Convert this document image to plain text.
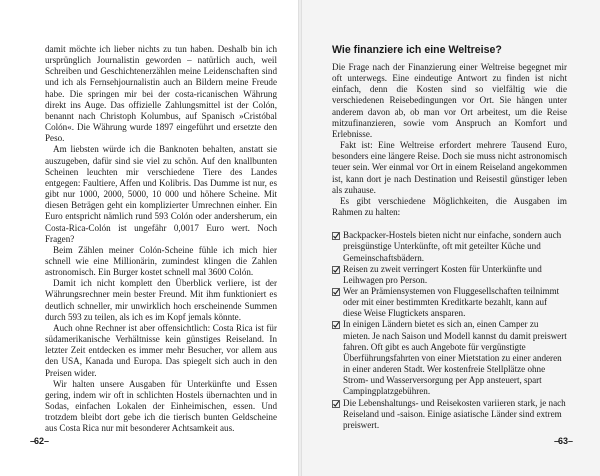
damit möchte ich lieber nichts zu tun haben. Deshalb bin ich ursprünglich Journalistin geworden – natürlich auch, weil Schreiben und Geschichtenerzählen meine Leidenschaften sind und ich als Fernsehjournalistin auch an Bildern meine Freude habe. Die springen mir bei der costa-ricanischen Währung direkt ins Auge. Das offizielle Zahlungsmittel ist der Colón, benannt nach Christoph Kolumbus, auf Spanisch »Cristóbal Colón«. Die Währung wurde 1897 eingeführt und ersetzte den Peso.

Am liebsten würde ich die Banknoten behalten, anstatt sie auszugeben, dafür sind sie viel zu schön. Auf den knallbunten Scheinen leuchten mir verschiedene Tiere des Landes entgegen: Faultiere, Affen und Kolibris. Das Dumme ist nur, es gibt nur 1000, 2000, 5000, 10 000 und höhere Scheine. Mit diesen Beträgen geht ein komplizierter Umrechnen einher. Ein Euro entspricht nämlich rund 593 Colón oder andersherum, ein Costa-Rica-Colón ist ungefähr 0,0017 Euro wert. Noch Fragen?

Beim Zählen meiner Colón-Scheine fühle ich mich hier schnell wie eine Millionärin, zumindest klingen die Zahlen astronomisch. Ein Burger kostet schnell mal 3600 Colón.

Damit ich nicht komplett den Überblick verliere, ist der Währungsrechner mein bester Freund. Mit ihm funktioniert es deutlich schneller, mir unwirklich hoch erscheinende Summen durch 593 zu teilen, als ich es im Kopf jemals könnte.

Auch ohne Rechner ist aber offensichtlich: Costa Rica ist für südamerikanische Verhältnisse kein günstiges Reiseland. In letzter Zeit entdecken es immer mehr Besucher, vor allem aus den USA, Kanada und Europa. Das spiegelt sich auch in den Preisen wider.

Wir halten unsere Ausgaben für Unterkünfte und Essen gering, indem wir oft in schlichten Hostels übernachten und in Sodas, einfachen Lokalen der Einheimischen, essen. Und trotzdem bleibt dort gebe ich die tierisch bunten Geldscheine aus Costa Rica nur mit besonderer Achtsamkeit aus.

Wie finanziere ich eine Weltreise?

Die Frage nach der Finanzierung einer Weltreise begegnet mir oft unterwegs. Eine eindeutige Antwort zu finden ist nicht einfach, denn die Kosten sind so vielfältig wie die verschiedenen Reisebedingungen vor Ort. Sie hängen unter anderem davon ab, ob man vor Ort arbeitest, um die Reise mitzufinanzieren, sowie vom Anspruch an Komfort und Erlebnisse.

Fakt ist: Eine Weltreise erfordert mehrere Tausend Euro, besonders eine längere Reise. Doch sie muss nicht astronomisch teuer sein. Wer einmal vor Ort in einem Reiseland angekommen ist, kann dort je nach Destination und Reisestil günstiger leben als zuhause.

Es gibt verschiedene Möglichkeiten, die Ausgaben im Rahmen zu halten:

Backpacker-Hostels bieten nicht nur einfache, sondern auch preisgünstige Unterkünfte, oft mit geteilter Küche und Gemeinschaftsbädern.
Reisen zu zweit verringert Kosten für Unterkünfte und Leihwagen pro Person.
Wer an Prämiensystemen von Fluggesellschaften teilnimmt oder mit einer bestimmten Kreditkarte bezahlt, kann auf diese Weise Flugtickets ansparen.
In einigen Ländern bietet es sich an, einen Camper zu mieten. Je nach Saison und Modell kannst du damit preiswert fahren. Oft gibt es auch Angebote für vergünstigte Überführungsfahrten von einer Mietstation zu einer anderen in einer anderen Stadt. Wer kostenfreie Stellplätze ohne Strom- und Wasserversorgung per App ansteuert, spart Campingplatzgebühren.
Die Lebenshaltungs- und Reisekosten variieren stark, je nach Reiseland und -saison. Einige asiatische Länder sind extrem preiswert.
– 62 –	– 63 –
